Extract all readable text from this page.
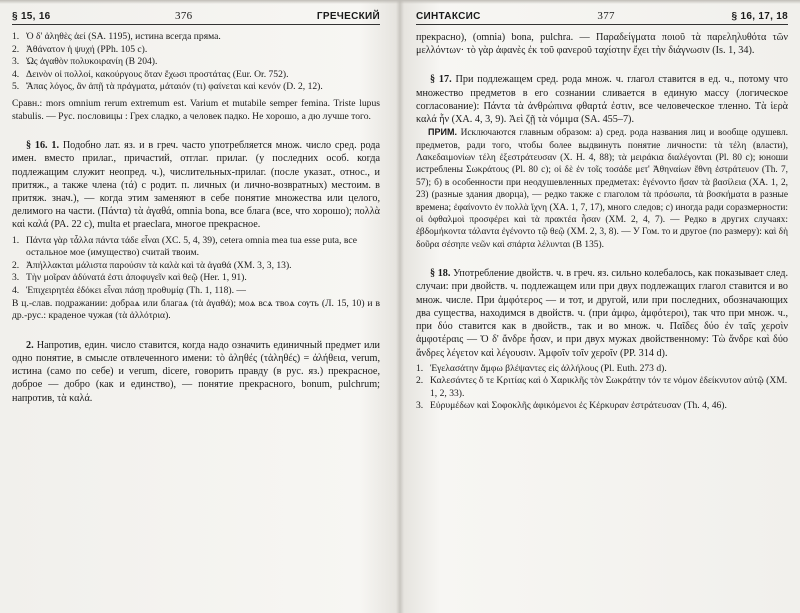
§ 15, 16	376	ГРЕЧЕСКИЙ
1. Ὁ δ' ἀληθὲς ἀεί (SA. 1195), истина всегда пряма.
2. Ἀθάνατον ἡ ψυχή (PPh. 105 c).
3. Ὡς ἀγαθὸν πολυκοιρανίη (B 204).
4. Δεινὸν οἱ πολλοί, κακούργους ὅταν ἔχωσι προστάτας (Eur. Or. 752).
5. Ἄπας λόγος, ἂν ἀπῇ τὰ πράγματα, μάταιόν (τι) φαίνεται καὶ κενόν (D. 2, 12).

Сравн.: mors omnium rerum extremum est. Varium et mutabile semper femina. Triste lupus stabulis. — Рус. пословицы : Грех сладко, а человек падко. Не хорошо, а дю лучше того.

§ 16. 1. Подобно лат. яз. и в греч. часто употребляется множ. число сред. рода имен. вместо прилаг., причастий, отглаг. прилаг. (у последних особ. когда подлежащим служит неопред. ч.), числительных-прилаг. (после указат., относ., и притяж., а также члена (τά) с родит. п. личных (и лично-возвратных) местоим. в притяж. знач.), — когда этим заменяют в себе понятие множества или целого, делимого на части. (Πάντα) τὰ ἀγαθά, omnia bona, все блага (все, что хорошо); πολλὰ καὶ καλά (PA. 22 c), multa et praeclara, многое прекрасное.

1. Πάντα γὰρ τἆλλα πάντα τάδε εἶναι (XC. 5, 4, 39), cetera omnia mea tua esse puta, все остальное мое (имущество) считай твоим.
2. Ἀπήλλακται μάλιστα παρούσιν τὰ καλὰ καὶ τὰ ἀγαθά (XM. 3, 3, 13).
3. Τὴν μοῖραν ἀδύνατά ἐστι ἀποφυγεῖν καὶ θεῷ (Her. 1, 91).
4. Ἐπιχειρητέα ἐδόκει εἶναι πάσῃ προθυμίᾳ (Th. 1, 118). —

В ц.-слав. подражании: добраѧ или благаѧ (τὰ ἀγαθά); моѧ всѧ твоѧ сѹть (Л. 15, 10) и в др.-рус.: краденое чужая (τὰ ἀλλότρια).

2. Напротив, един. число ставится, когда надо означить единичный предмет или одно понятие, в смысле отвлеченного имени: τὸ ἀληθές (τἀληθές) = ἀλήθεια, verum, истина (само по себе) и verum, dicere, говорить правду (в рус. яз.) прекрасное, доброе — добро (как и единство), — понятие прекрасного, bonum, pulchrum; напротив, τὰ καλά.

СИНТАКСИС	377	§ 16, 17, 18

прекрасно), (omnia) bona, pulchra. — Παραδείγματα ποιοῦ τὰ παρεληλυθότα τῶν μελλόντων· τὸ γὰρ ἀφανὲς ἐκ τοῦ φανεροῦ ταχίστην ἔχει τὴν διάγνωσιν (Is. 1, 34).

§ 17. При подлежащем сред. рода множ. ч. глагол ставится в ед. ч., потому что множество предметов в его сознании сливается в единую массу (логическое согласование): Πάντα τὰ ἀνθρώπινα φθαρτά ἐστιν, все человеческое тленно. Τὰ ἱερὰ καλά ἦν (XA. 4, 3, 9). Ἀεὶ ζῇ τὰ νόμιμα (SA. 455–7).

ПРИМ. Исключаются главным образом: а) сред. рода названия лиц и вообще одушевл. предметов, ради того, чтобы более выдвинуть понятие личности: τὰ τέλη (власти), Λακεδαιμονίων τέλη ἐξεστράτευσαν (X. H. 4, 88); τὰ μειράκια διαλέγονται (Pl. 80 c); юноши истреблены Σωκράτους (Pl. 80 c); οἱ δὲ ἐν τοῖς τοσάδε μετ' Ἀθηναίων ἔθνη ἐστράτευον (Th. 7, 57); б) в особенности при неодушевленных предметах: ἐγένοντο ἥσαν τὰ βασίλεια (XA. 1, 2, 23) (разные здания дворца), — редко также с глаголом τὰ πρόσωπα, τὰ βοσκήματα в разные времена; ἐφαίνοντο ἐν πολλὰ ἴχνη (XA. 1, 7, 17), много следов; с) иногда ради соразмерности: οἱ ὀφθαλμοὶ προσφέρει καὶ τὰ πρακτέα ἦσαν (XM. 2, 4, 7). — Редко в других случаях: ἐβδομήκοντα τάλαντα ἐγένοντο τῷ θεῷ (XM. 2, 3, 8). — У Гом. то и другое (по размеру): καὶ δὴ δοῦρα σέσηπε νεῶν καὶ σπάρτα λέλυνται (B 135).

§ 18. Употребление двойств. ч. в греч. яз. сильно колебалось, как показывает след. случаи: при двойств. ч. подлежащем или при двух подлежащих глагол ставится и во множ. числе. При ἀμφότερος — и тот, и другой, или при последних, обозначающих два существа, находимся в двойств. ч. (при ἀμφω, ἀμφότεροι), так что при множ. ч., при δύο ставится как в двойств., так и во множ. ч. Παῖδες δύο ἐν ταῖς χερσὶν ἀμφοτέραις — Ὁ δ' ἄνδρε ἦσαν, и при двух мужах двойственному: Τὼ ἄνδρε καὶ δύο ἄνδρες λέγετον καὶ λέγουσιν. Ἀμφοῖν τοῖν χεροῖν (PP. 314 d).

1. Ἐγελασάτην ἄμφω βλέψαντες εἰς ἀλλήλους (Pl. Euth. 273 d).
2. Καλεσάντες ὅ τε Κριτίας καὶ ὁ Χαρικλῆς τὸν Σωκράτην τόν τε νόμον ἐδείκνυτον αὐτῷ (XM. 1, 2, 33).
3. Εὐρυμέδων καὶ Σοφοκλῆς ἀφικόμενοι ἐς Κέρκυραν ἐστράτευσαν (Th. 4, 46).
